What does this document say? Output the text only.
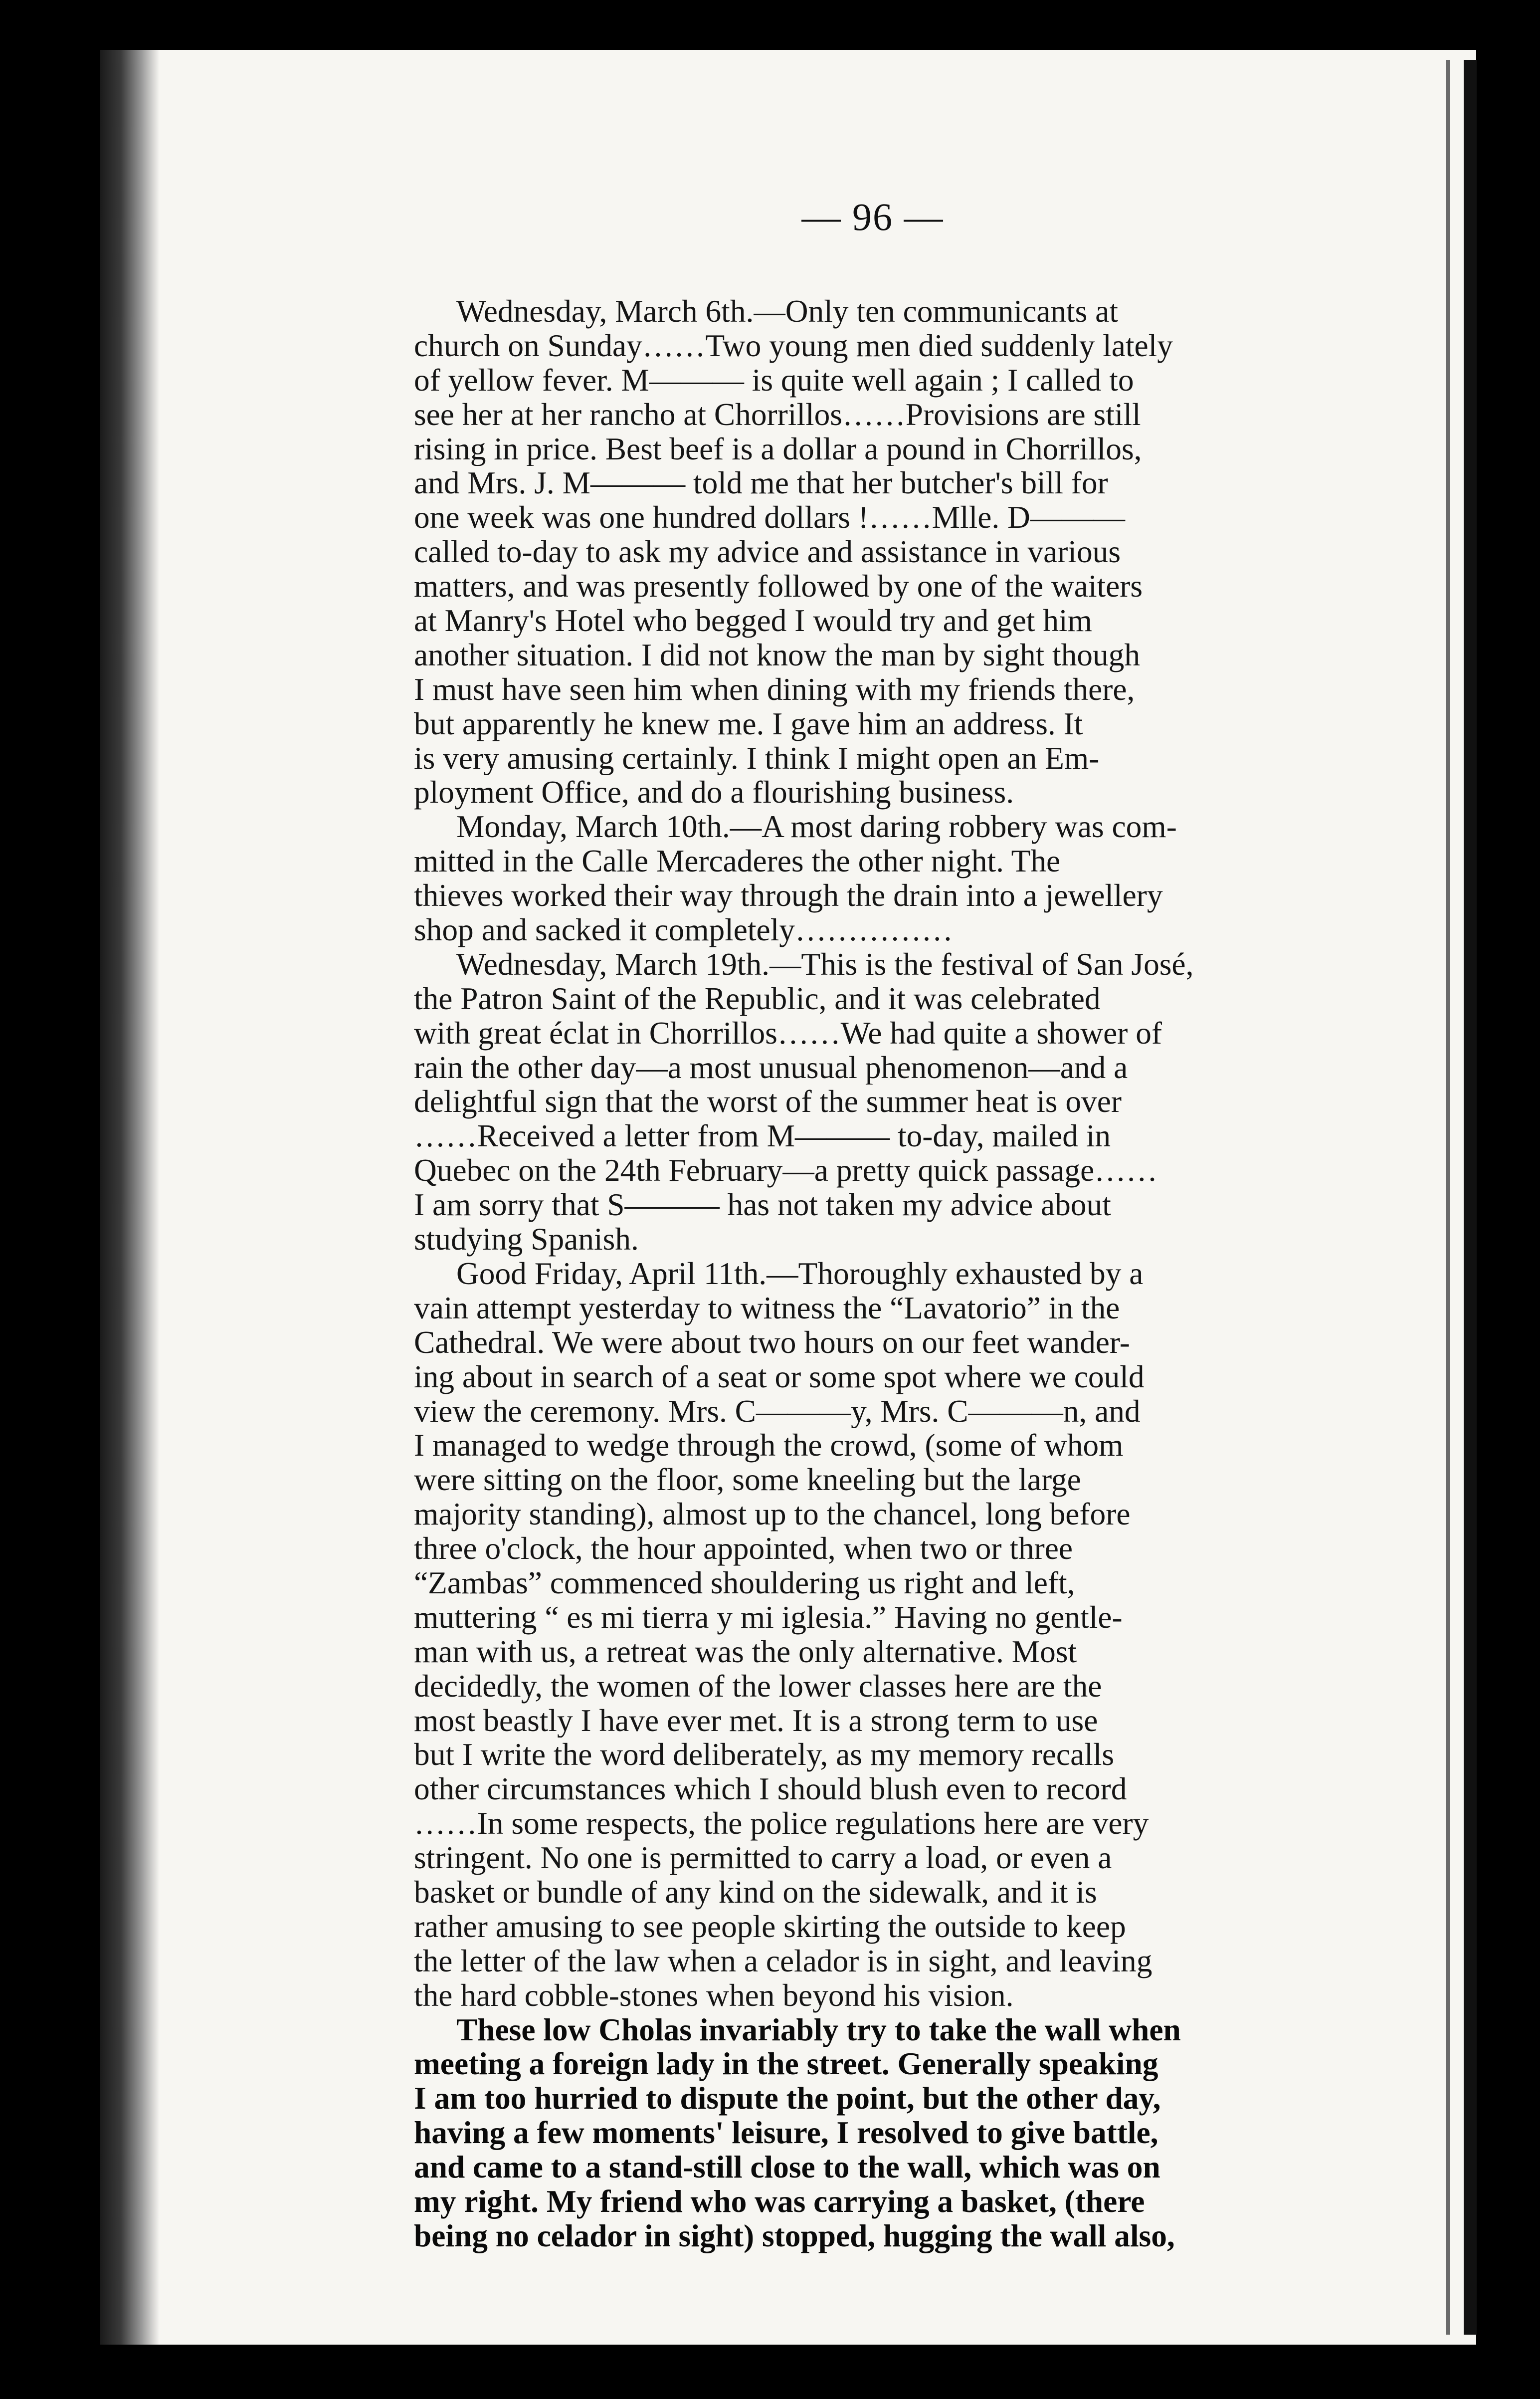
— 96 —
Wednesday, March 6th.—Only ten communicants at
church on Sunday……Two young men died suddenly lately
of yellow fever. M——— is quite well again ; I called to
see her at her rancho at Chorrillos……Provisions are still
rising in price. Best beef is a dollar a pound in Chorrillos,
and Mrs. J. M——— told me that her butcher's bill for
one week was one hundred dollars !……Mlle. D———
called to-day to ask my advice and assistance in various
matters, and was presently followed by one of the waiters
at Manry's Hotel who begged I would try and get him
another situation. I did not know the man by sight though
I must have seen him when dining with my friends there,
but apparently he knew me. I gave him an address. It
is very amusing certainly. I think I might open an Em-
ployment Office, and do a flourishing business.
Monday, March 10th.—A most daring robbery was com-
mitted in the Calle Mercaderes the other night. The
thieves worked their way through the drain into a jewellery
shop and sacked it completely……………
Wednesday, March 19th.—This is the festival of San José,
the Patron Saint of the Republic, and it was celebrated
with great éclat in Chorrillos……We had quite a shower of
rain the other day—a most unusual phenomenon—and a
delightful sign that the worst of the summer heat is over
……Received a letter from M——— to-day, mailed in
Quebec on the 24th February—a pretty quick passage……
I am sorry that S——— has not taken my advice about
studying Spanish.
Good Friday, April 11th.—Thoroughly exhausted by a
vain attempt yesterday to witness the “Lavatorio” in the
Cathedral. We were about two hours on our feet wander-
ing about in search of a seat or some spot where we could
view the ceremony. Mrs. C———y, Mrs. C———n, and
I managed to wedge through the crowd, (some of whom
were sitting on the floor, some kneeling but the large
majority standing), almost up to the chancel, long before
three o'clock, the hour appointed, when two or three
“Zambas” commenced shouldering us right and left,
muttering “ es mi tierra y mi iglesia.” Having no gentle-
man with us, a retreat was the only alternative. Most
decidedly, the women of the lower classes here are the
most beastly I have ever met. It is a strong term to use
but I write the word deliberately, as my memory recalls
other circumstances which I should blush even to record
……In some respects, the police regulations here are very
stringent. No one is permitted to carry a load, or even a
basket or bundle of any kind on the sidewalk, and it is
rather amusing to see people skirting the outside to keep
the letter of the law when a celador is in sight, and leaving
the hard cobble-stones when beyond his vision.
These low Cholas invariably try to take the wall when
meeting a foreign lady in the street. Generally speaking
I am too hurried to dispute the point, but the other day,
having a few moments' leisure, I resolved to give battle,
and came to a stand-still close to the wall, which was on
my right. My friend who was carrying a basket, (there
being no celador in sight) stopped, hugging the wall also,
